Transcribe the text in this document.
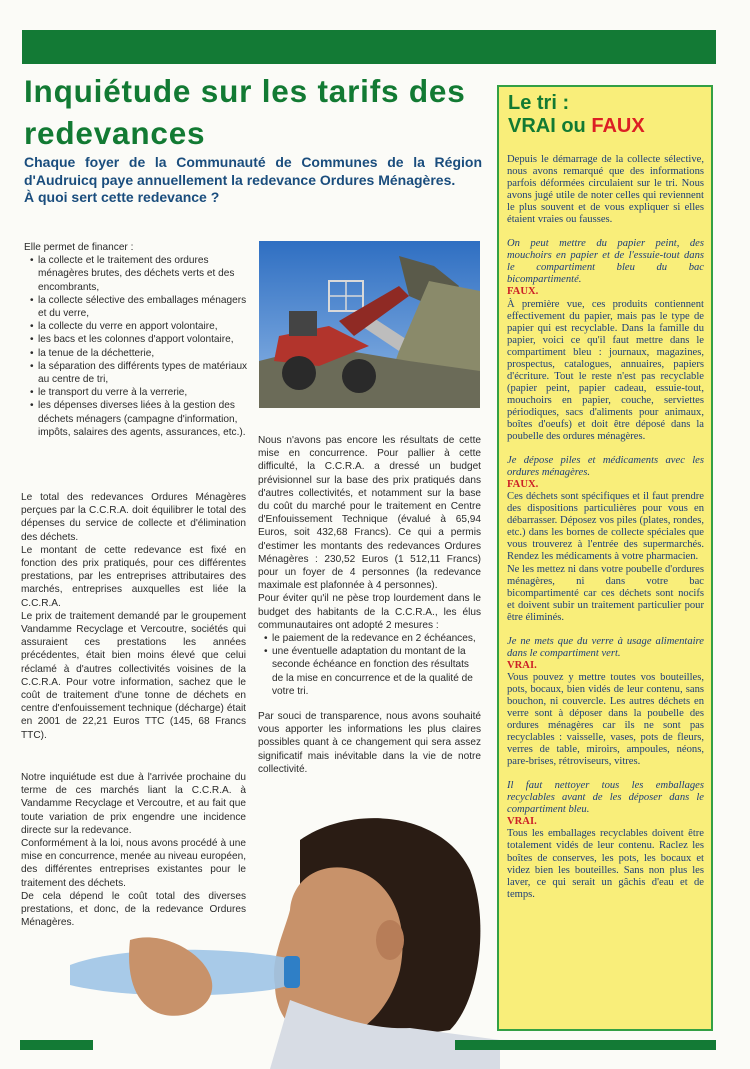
Inquiétude sur les tarifs des redevances

Chaque foyer de la Communauté de Communes de la Région d'Audruicq paye annuellement la redevance Ordures Ménagères.

À quoi sert cette redevance ?

Elle permet de financer :

• la collecte et le traitement des ordures ménagères brutes, des déchets verts et des encombrants,
• la collecte sélective des emballages ménagers et du verre,
• la collecte du verre en apport volontaire,
• les bacs et les colonnes d'apport volontaire,
• la tenue de la déchetterie,
• la séparation des différents types de matériaux au centre de tri,
• le transport du verre à la verrerie,
• les dépenses diverses liées à la gestion des déchets ménagers (campagne d'information, impôts, salaires des agents, assurances, etc.).

Le total des redevances Ordures Ménagères perçues par la C.C.R.A. doit équilibrer le total des dépenses du service de collecte et d'élimination des déchets.

Le montant de cette redevance est fixé en fonction des prix pratiqués, pour ces différentes prestations, par les entreprises attributaires des marchés, entreprises auxquelles est liée la C.C.R.A.

Le prix de traitement demandé par le groupement Vandamme Recyclage et Vercoutre, sociétés qui assuraient ces prestations les années précédentes, était bien moins élevé que celui réclamé à d'autres collectivités voisines de la C.C.R.A. Pour votre information, sachez que le coût de traitement d'une tonne de déchets en centre d'enfouissement technique (décharge) était en 2001 de 22,21 Euros TTC (145, 68 Francs TTC).

Notre inquiétude est due à l'arrivée prochaine du terme de ces marchés liant la C.C.R.A. à Vandamme Recyclage et Vercoutre, et au fait que toute variation de prix engendre une incidence directe sur la redevance.

Conformément à la loi, nous avons procédé à une mise en concurrence, menée au niveau européen, des différentes entreprises existantes pour le traitement des déchets.

De cela dépend le coût total des diverses prestations, et donc, de la redevance Ordures Ménagères.

Nous n'avons pas encore les résultats de cette mise en concurrence. Pour pallier à cette difficulté, la C.C.R.A. a dressé un budget prévisionnel sur la base des prix pratiqués dans d'autres collectivités, et notamment sur la base du coût du marché pour le traitement en Centre d'Enfouissement Technique (évalué à 65,94 Euros, soit 432,68 Francs). Ce qui a permis d'estimer les montants des redevances Ordures Ménagères : 230,52 Euros (1 512,11 Francs) pour un foyer de 4 personnes (la redevance maximale est plafonnée à 4 personnes).

Pour éviter qu'il ne pèse trop lourdement dans le budget des habitants de la C.C.R.A., les élus communautaires ont adopté 2 mesures :

• le paiement de la redevance en 2 échéances,
• une éventuelle adaptation du montant de la seconde échéance en fonction des résultats de la mise en concurrence et de la qualité de votre tri.

Par souci de transparence, nous avons souhaité vous apporter les informations les plus claires possibles quant à ce changement qui sera assez significatif mais inévitable dans la vie de notre collectivité.

Le tri :
VRAI ou FAUX

Depuis le démarrage de la collecte sélective, nous avons remarqué que des informations parfois déformées circulaient sur le tri. Nous avons jugé utile de noter celles qui reviennent le plus souvent et de vous expliquer si elles étaient vraies ou fausses.

On peut mettre du papier peint, des mouchoirs en papier et de l'essuie-tout dans le compartiment bleu du bac bicompartimenté.

FAUX.

À première vue, ces produits contiennent effectivement du papier, mais pas le type de papier qui est recyclable. Dans la famille du papier, voici ce qu'il faut mettre dans le compartiment bleu : journaux, magazines, prospectus, catalogues, annuaires, papiers d'écriture. Tout le reste n'est pas recyclable (papier peint, papier cadeau, essuie-tout, mouchoirs en papier, couche, serviettes périodiques, sacs d'aliments pour animaux, boîtes d'oeufs) et doit être déposé dans la poubelle des ordures ménagères.

Je dépose piles et médicaments avec les ordures ménagères.

FAUX.

Ces déchets sont spécifiques et il faut prendre des dispositions particulières pour vous en débarrasser. Déposez vos piles (plates, rondes, etc.) dans les bornes de collecte spéciales que vous trouverez à l'entrée des supermarchés. Rendez les médicaments à votre pharmacien.

Ne les mettez ni dans votre poubelle d'ordures ménagères, ni dans votre bac bicompartimenté car ces déchets sont nocifs et doivent subir un traitement particulier pour être éliminés.

Je ne mets que du verre à usage alimentaire dans le compartiment vert.

VRAI.

Vous pouvez y mettre toutes vos bouteilles, pots, bocaux, bien vidés de leur contenu, sans bouchon, ni couvercle. Les autres déchets en verre sont à déposer dans la poubelle des ordures ménagères car ils ne sont pas recyclables : vaisselle, vases, pots de fleurs, verres de table, miroirs, ampoules, néons, pare-brises, rétroviseurs, vitres.

Il faut nettoyer tous les emballages recyclables avant de les déposer dans le compartiment bleu.

VRAI.

Tous les emballages recyclables doivent être totalement vidés de leur contenu. Raclez les boîtes de conserves, les pots, les bocaux et videz bien les bouteilles. Sans non plus les laver, ce qui serait un gâchis d'eau et de temps.
